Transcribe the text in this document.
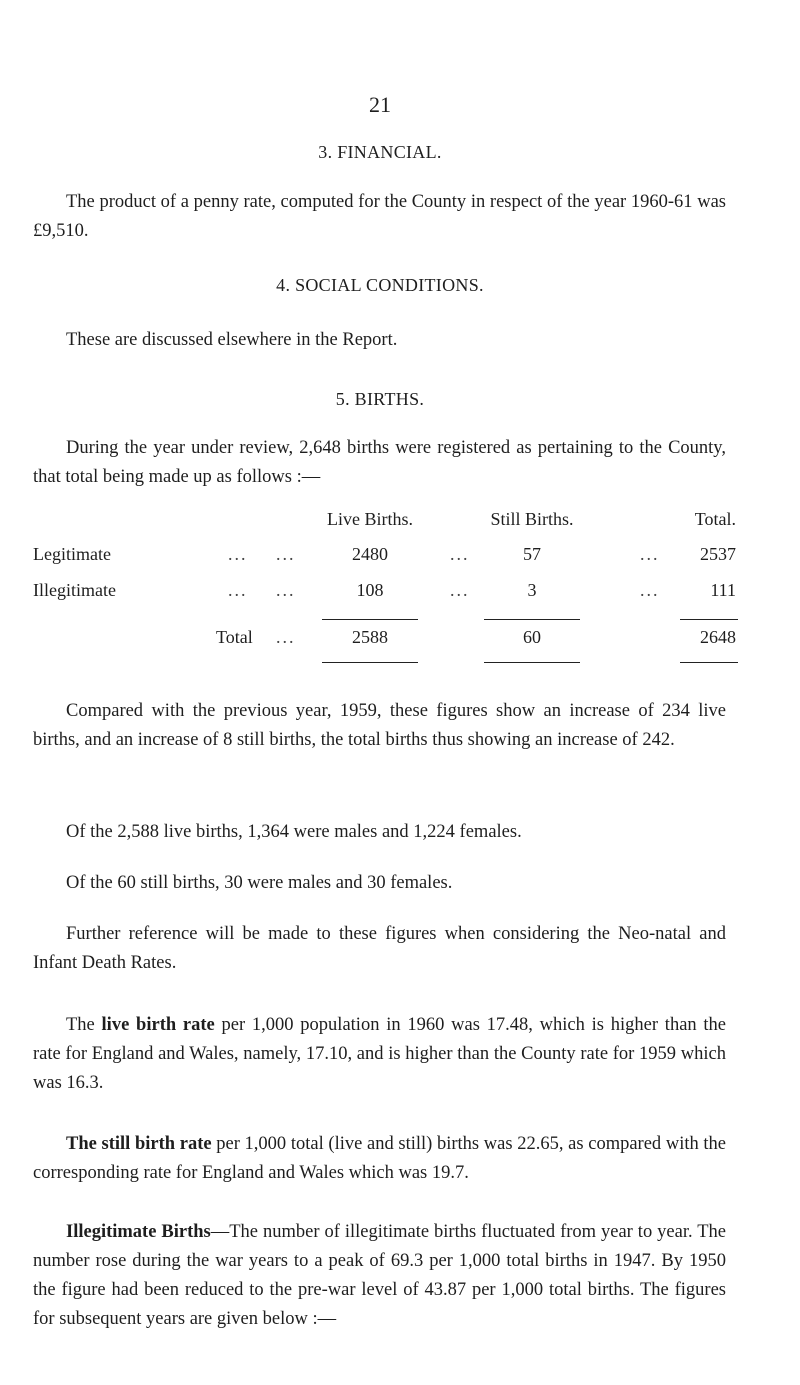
21
3. FINANCIAL.

The product of a penny rate, computed for the County in respect of the year 1960-61 was £9,510.

4. SOCIAL CONDITIONS.

These are discussed elsewhere in the Report.

5. BIRTHS.

During the year under review, 2,648 births were registered as pertaining to the County, that total being made up as follows :—

Live Births.	Still Births.	Total.
Legitimate	... ...	2480	...	57	...	2537
Illegitimate	... ...	108	...	3	...	111
Total ...	2588	60	2648

Compared with the previous year, 1959, these figures show an increase of 234 live births, and an increase of 8 still births, the total births thus showing an increase of 242.

Of the 2,588 live births, 1,364 were males and 1,224 females.

Of the 60 still births, 30 were males and 30 females.

Further reference will be made to these figures when considering the Neo-natal and Infant Death Rates.

The live birth rate per 1,000 population in 1960 was 17.48, which is higher than the rate for England and Wales, namely, 17.10, and is higher than the County rate for 1959 which was 16.3.

The still birth rate per 1,000 total (live and still) births was 22.65, as compared with the corresponding rate for England and Wales which was 19.7.

Illegitimate Births—The number of illegitimate births fluctuated from year to year. The number rose during the war years to a peak of 69.3 per 1,000 total births in 1947. By 1950 the figure had been reduced to the pre-war level of 43.87 per 1,000 total births. The figures for subsequent years are given below :—
